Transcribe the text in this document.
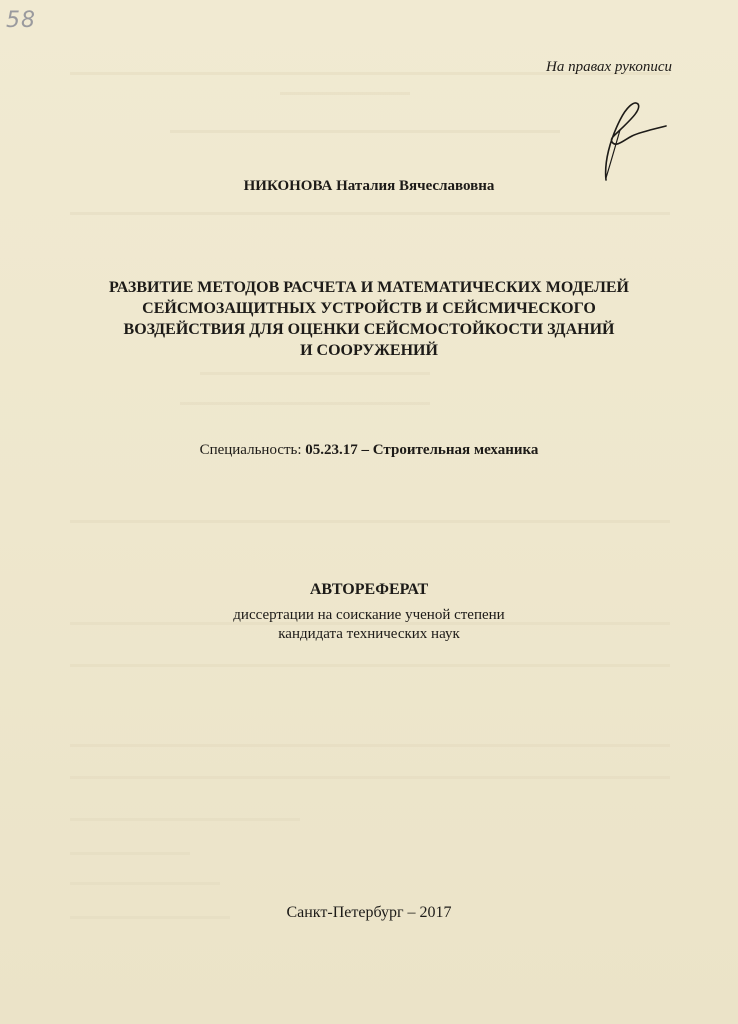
58
На правах рукописи
НИКОНОВА Наталия Вячеславовна
РАЗВИТИЕ МЕТОДОВ РАСЧЕТА И МАТЕМАТИЧЕСКИХ МОДЕЛЕЙ
СЕЙСМОЗАЩИТНЫХ УСТРОЙСТВ И СЕЙСМИЧЕСКОГО
ВОЗДЕЙСТВИЯ ДЛЯ ОЦЕНКИ СЕЙСМОСТОЙКОСТИ ЗДАНИЙ
И СООРУЖЕНИЙ
Специальность: 05.23.17 – Строительная механика
АВТОРЕФЕРАТ
диссертации на соискание ученой степени
кандидата технических наук
Санкт-Петербург – 2017
